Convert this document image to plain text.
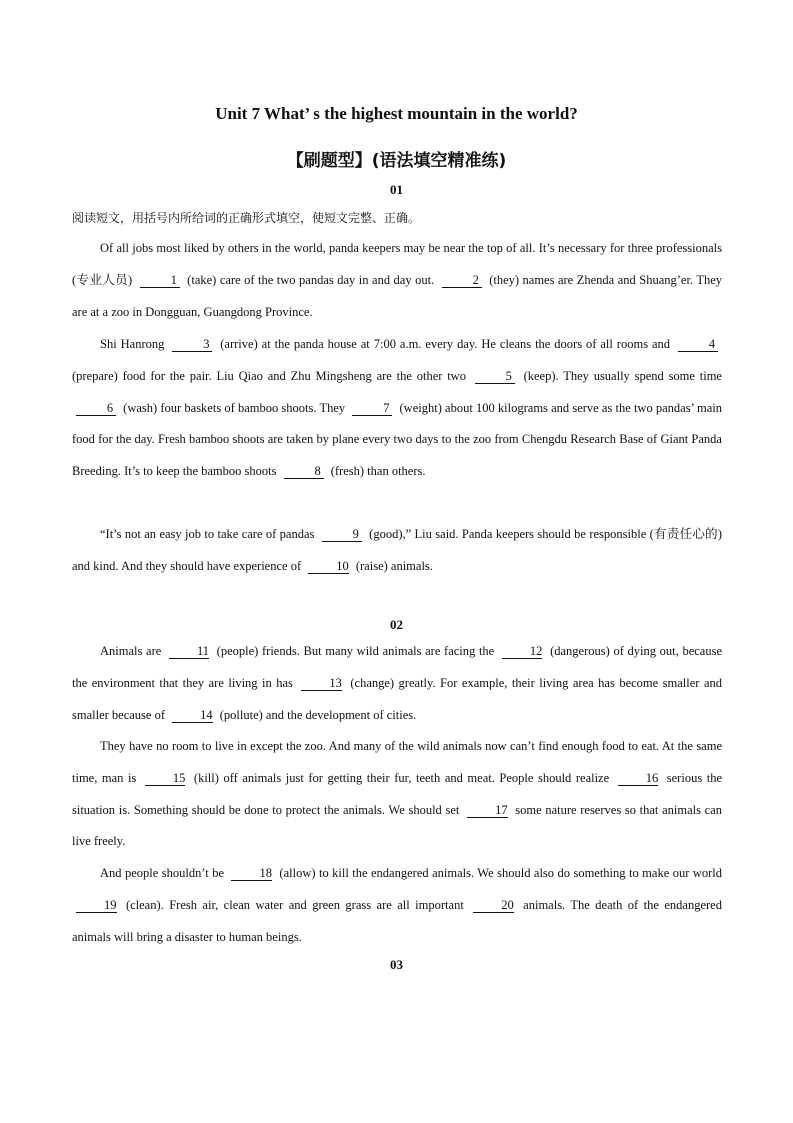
Unit 7 What’ s the highest mountain in the world?
【刷题型】(语法填空精准练)
01
阅读短文，用括号内所给词的正确形式填空，使短文完整、正确。
Of all jobs most liked by others in the world, panda keepers may be near the top of all. It’s necessary for three professionals (专业人员)	1 (take) care of the two pandas day in and day out.	2 (they) names are Zhenda and Shuang’er. They are at a zoo in Dongguan, Guangdong Province.
Shi Hanrong	3 (arrive) at the panda house at 7:00 a.m. every day. He cleans the doors of all rooms and	4 (prepare) food for the pair. Liu Qiao and Zhu Mingsheng are the other two	5 (keep). They usually spend some time 6 (wash) four baskets of bamboo shoots. They	7 (weight) about 100 kilograms and serve as the two pandas’ main food for the day. Fresh bamboo shoots are taken by plane every two days to the zoo from Chengdu Research Base of Giant Panda Breeding. It’s to keep the bamboo shoots	8 (fresh) than others.
“It’s not an easy job to take care of pandas	9 (good),” Liu said. Panda keepers should be responsible (有责任心的) and kind. And they should have experience of	10 (raise) animals.
02
Animals are	11 (people) friends. But many wild animals are facing the	12 (dangerous) of dying out, because the environment that they are living in has	13 (change) greatly. For example, their living area has become smaller and smaller because of	14 (pollute) and the development of cities.
They have no room to live in except the zoo. And many of the wild animals now can’t find enough food to eat. At the same time, man is	15 (kill) off animals just for getting their fur, teeth and meat. People should realize	16 serious the situation is. Something should be done to protect the animals. We should set	17 some nature reserves so that animals can live freely.
And people shouldn’t be	18 (allow) to kill the endangered animals. We should also do something to make our world 19 (clean). Fresh air, clean water and green grass are all important	20 animals. The death of the endangered animals will bring a disaster to human beings.
03
